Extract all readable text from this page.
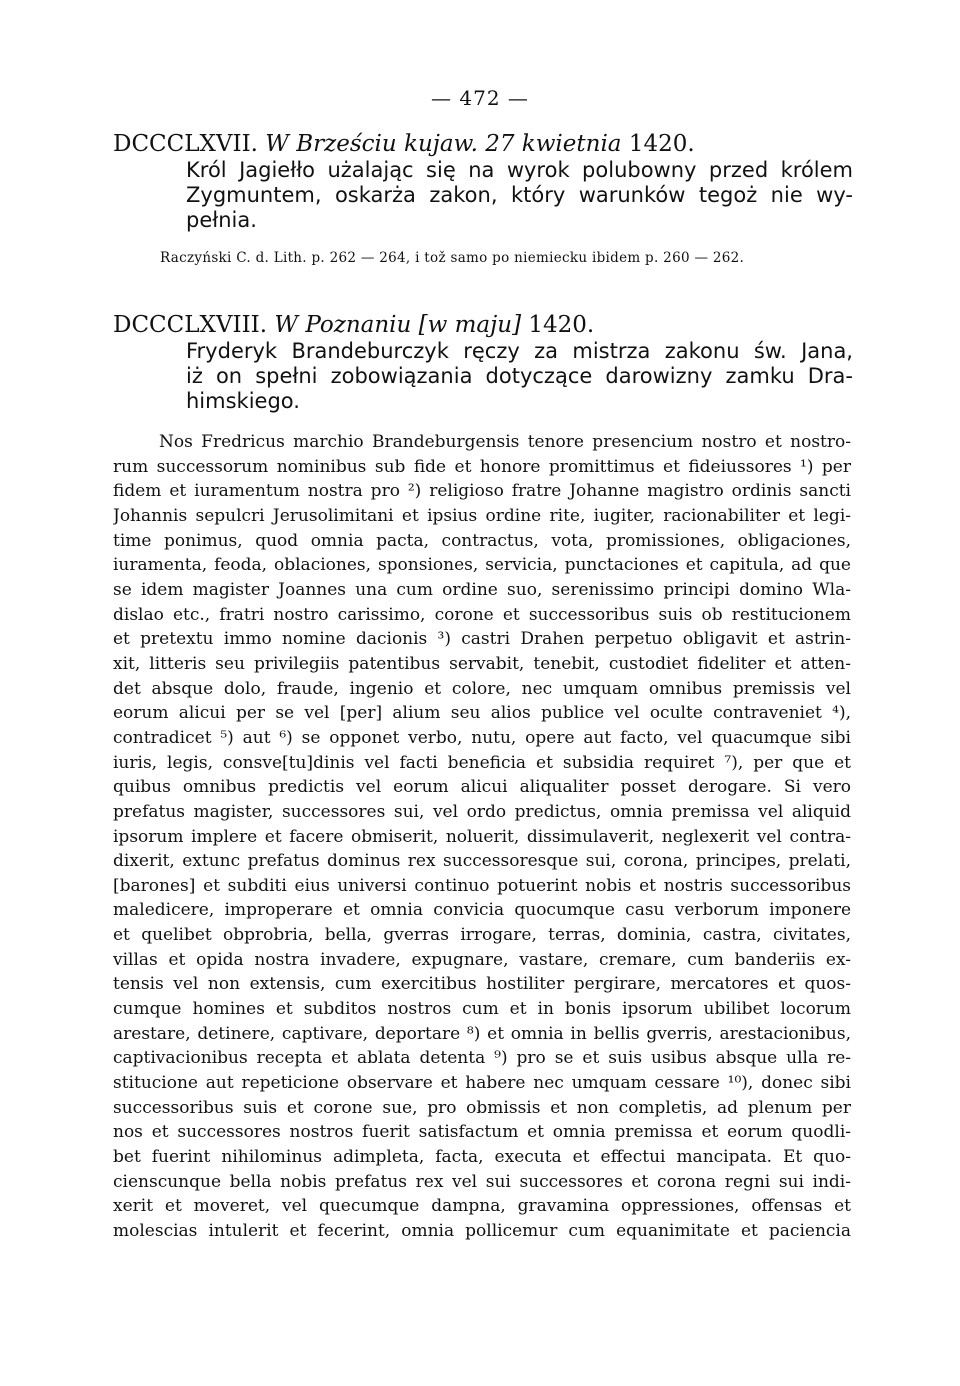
— 472 —
DCCCLXVII. W Brześciu kujaw. 27 kwietnia 1420.
Król Jagiełło użalając się na wyrok polubowny przed królem
Zygmuntem, oskarża zakon, który warunków tegoż nie wy-
pełnia.
Raczyński C. d. Lith. p. 262 — 264, i tož samo po niemiecku ibidem p. 260 — 262.
DCCCLXVIII. W Poznaniu [w maju] 1420.
Fryderyk Brandeburczyk ręczy za mistrza zakonu św. Jana,
iż on spełni zobowiązania dotyczące darowizny zamku Dra-
himskiego.
Nos Fredricus marchio Brandeburgensis tenore presencium nostro et nostro-
rum successorum nominibus sub fide et honore promittimus et fideiussores ¹) per
fidem et iuramentum nostra pro ²) religioso fratre Johanne magistro ordinis sancti
Johannis sepulcri Jerusolimitani et ipsius ordine rite, iugiter, racionabiliter et legi-
time ponimus, quod omnia pacta, contractus, vota, promissiones, obligaciones,
iuramenta, feoda, oblaciones, sponsiones, servicia, punctaciones et capitula, ad que
se idem magister Joannes una cum ordine suo, serenissimo principi domino Wla-
dislao etc., fratri nostro carissimo, corone et successoribus suis ob restitucionem
et pretextu immo nomine dacionis ³) castri Drahen perpetuo obligavit et astrin-
xit, litteris seu privilegiis patentibus servabit, tenebit, custodiet fideliter et atten-
det absque dolo, fraude, ingenio et colore, nec umquam omnibus premissis vel
eorum alicui per se vel [per] alium seu alios publice vel oculte contraveniet ⁴),
contradicet ⁵) aut ⁶) se opponet verbo, nutu, opere aut facto, vel quacumque sibi
iuris, legis, consve[tu]dinis vel facti beneficia et subsidia requiret ⁷), per que et
quibus omnibus predictis vel eorum alicui aliqualiter posset derogare. Si vero
prefatus magister, successores sui, vel ordo predictus, omnia premissa vel aliquid
ipsorum implere et facere obmiserit, noluerit, dissimulaverit, neglexerit vel contra-
dixerit, extunc prefatus dominus rex successoresque sui, corona, principes, prelati,
[barones] et subditi eius universi continuo potuerint nobis et nostris successoribus
maledicere, improperare et omnia convicia quocumque casu verborum imponere
et quelibet obprobria, bella, gverras irrogare, terras, dominia, castra, civitates,
villas et opida nostra invadere, expugnare, vastare, cremare, cum banderiis ex-
tensis vel non extensis, cum exercitibus hostiliter pergirare, mercatores et quos-
cumque homines et subditos nostros cum et in bonis ipsorum ubilibet locorum
arestare, detinere, captivare, deportare ⁸) et omnia in bellis gverris, arestacionibus,
captivacionibus recepta et ablata detenta ⁹) pro se et suis usibus absque ulla re-
stitucione aut repeticione observare et habere nec umquam cessare ¹⁰), donec sibi
successoribus suis et corone sue, pro obmissis et non completis, ad plenum per
nos et successores nostros fuerit satisfactum et omnia premissa et eorum quodli-
bet fuerint nihilominus adimpleta, facta, executa et effectui mancipata. Et quo-
cienscunque bella nobis prefatus rex vel sui successores et corona regni sui indi-
xerit et moveret, vel quecumque dampna, gravamina oppressiones, offensas et
molescias intulerit et fecerint, omnia pollicemur cum equanimitate et paciencia
